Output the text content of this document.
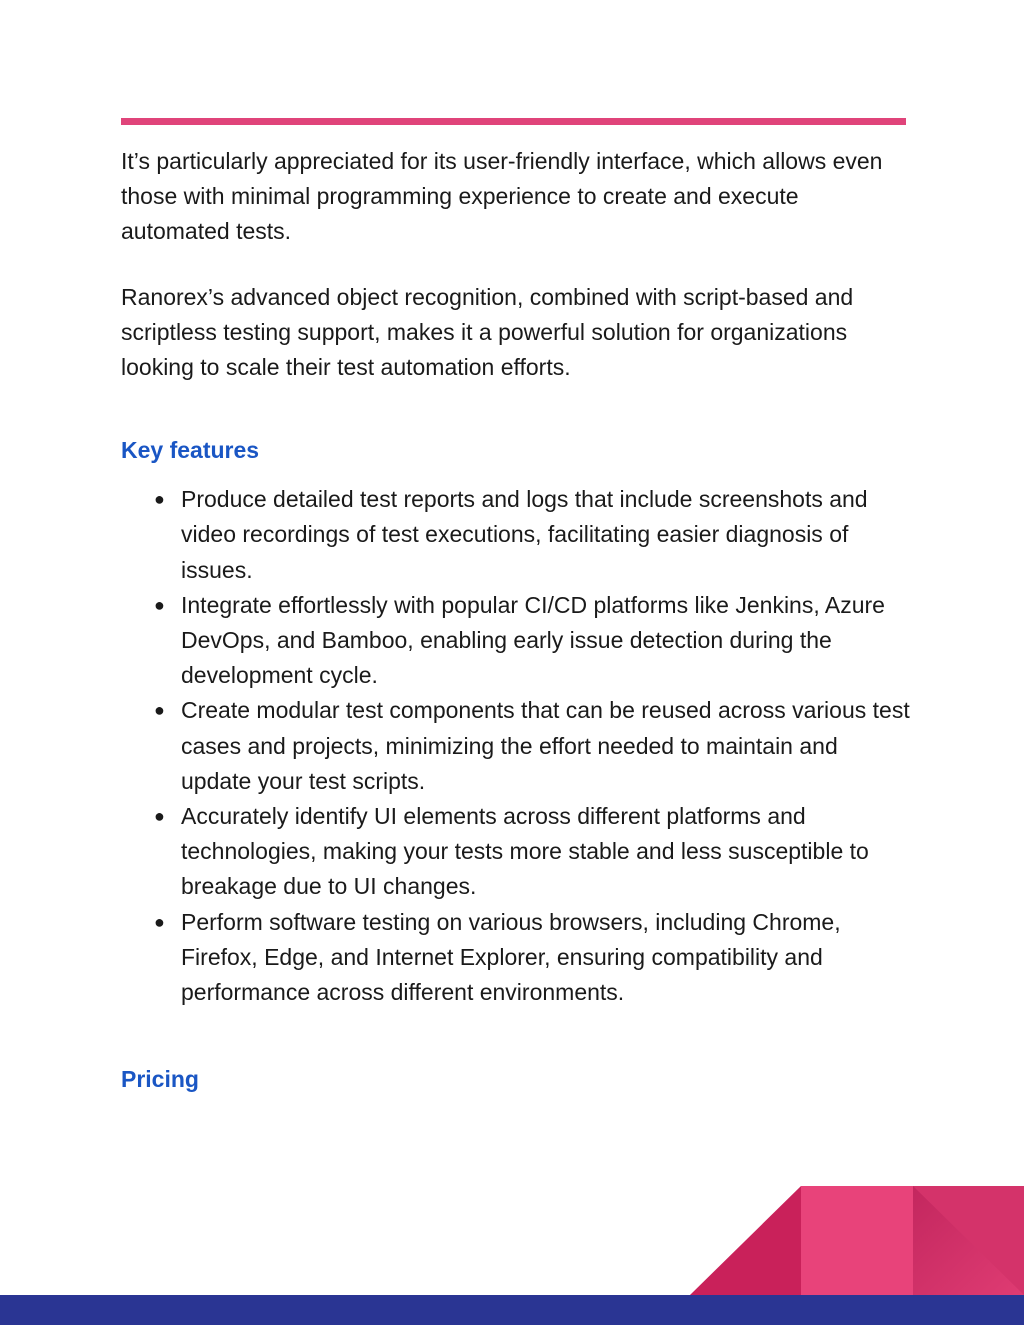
It’s particularly appreciated for its user-friendly interface, which allows even those with minimal programming experience to create and execute automated tests.

Ranorex’s advanced object recognition, combined with script-based and scriptless testing support, makes it a powerful solution for organizations looking to scale their test automation efforts.

Key features
● Produce detailed test reports and logs that include screenshots and video recordings of test executions, facilitating easier diagnosis of issues.
● Integrate effortlessly with popular CI/CD platforms like Jenkins, Azure DevOps, and Bamboo, enabling early issue detection during the development cycle.
● Create modular test components that can be reused across various test cases and projects, minimizing the effort needed to maintain and update your test scripts.
● Accurately identify UI elements across different platforms and technologies, making your tests more stable and less susceptible to breakage due to UI changes.
● Perform software testing on various browsers, including Chrome, Firefox, Edge, and Internet Explorer, ensuring compatibility and performance across different environments.
Pricing
